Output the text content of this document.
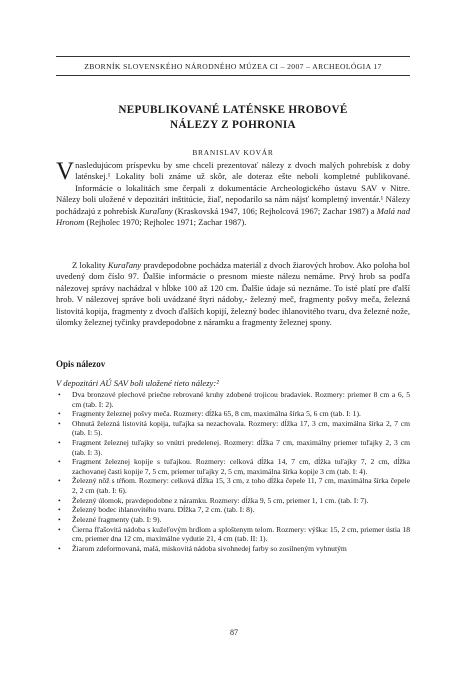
ZBORNÍK SLOVENSKÉHO NÁRODNÉHO MÚZEA CI – 2007 – ARCHEOLÓGIA 17
NEPUBLIKOVANÉ LATÉNSKE HROBOVÉ
NÁLEZY Z POHRONIA
BRANISLAV KOVÁR
V nasledujúcom príspevku by sme chceli prezentovať nálezy z dvoch malých pohrebísk z doby laténskej.¹ Lokality boli známe už skôr, ale doteraz ešte neboli kompletné publikované. Informácie o lokalitách sme čerpali z dokumentácie Archeologického ústavu SAV v Nitre. Nálezy boli uložené v depozitári inštitúcie, žiaľ, nepodarilo sa nám nájsť kompletný inventár.¹ Nálezy pochádzajú z pohrebísk Kuraľany (Kraskovská 1947, 106; Rejholcová 1967; Zachar 1987) a Malá nad Hronom (Rejholec 1970; Rejholec 1971; Zachar 1987).
Z lokality Kuraľany pravdepodobne pochádza materiál z dvoch žiarových hrobov. Ako poloha bol uvedený dom číslo 97. Ďalšie informácie o presnom mieste nálezu nemáme. Prvý hrob sa podľa nálezovej správy nachádzal v hĺbke 100 až 120 cm. Ďalšie údaje sú neznáme. To isté platí pre ďalší hrob. V nálezovej správe boli uvádzané štyri nádoby,- železný meč, fragmenty pošvy meča, železná listovitá kopija, fragmenty z dvoch ďalších kopijí, železný bodec ihlanovitého tvaru, dva železné nože, úlomky železnej tyčinky pravdepodobne z náramku a fragmenty železnej spony.
Opis nálezov
V depozitári AÚ SAV boli uložené tieto nálezy:²
• Dva bronzové plechové priečne rebrované kruhy zdobené trojicou bradaviek. Rozmery: priemer 8 cm a 6, 5 cm (tab. I: 2).
• Fragmenty železnej pošvy meča. Rozmery: dĺžka 65, 8 cm, maximálna šírka 5, 6 cm (tab. I: 1).
• Ohnutá železná listovitá kopija, tuľajka sa nezachovala. Rozmery: dĺžka 17, 3 cm, maximálna šírka 2, 7 cm (tab. I: 5).
• Fragment železnej tuľajky so vnútri predelenej. Rozmery: dĺžka 7 cm, maximálny priemer tuľajky 2, 3 cm (tab. I: 3).
• Fragment železnej kopije s tuľajkou. Rozmery: celková dĺžka 14, 7 cm, dĺžka tuľajky 7, 2 cm, dĺžka zachovanej časti kopije 7, 5 cm, priemer tuľajky 2, 5 cm, maximálna šírka kopije 3 cm (tab. I: 4).
• Železný nôž s tŕňom. Rozmery: celková dĺžka 15, 3 cm, z toho dĺžka čepele 11, 7 cm, maximálna šírka čepele 2, 2 cm (tab. I: 6).
• Železný úlomok, pravdepodobne z náramku. Rozmery: dĺžka 9, 5 cm, priemer 1, 1 cm. (tab. I: 7).
• Železný bodec ihlanovitého tvaru. Dĺžka 7, 2 cm. (tab. I: 8).
• Železné fragmenty (tab. I: 9).
• Čierna fľašovitá nádoba s kužeľovým hrdlom a sploštenym telom. Rozmery: výška: 15, 2 cm, priemer ústia 18 cm, priemer dna 12 cm, maximálne vydutie 21, 4 cm (tab. II: 1).
• Žiarom zdeformovaná, malá, miskovitá nádoba sivohnedej farby so zosilneným vyhnutým
87
